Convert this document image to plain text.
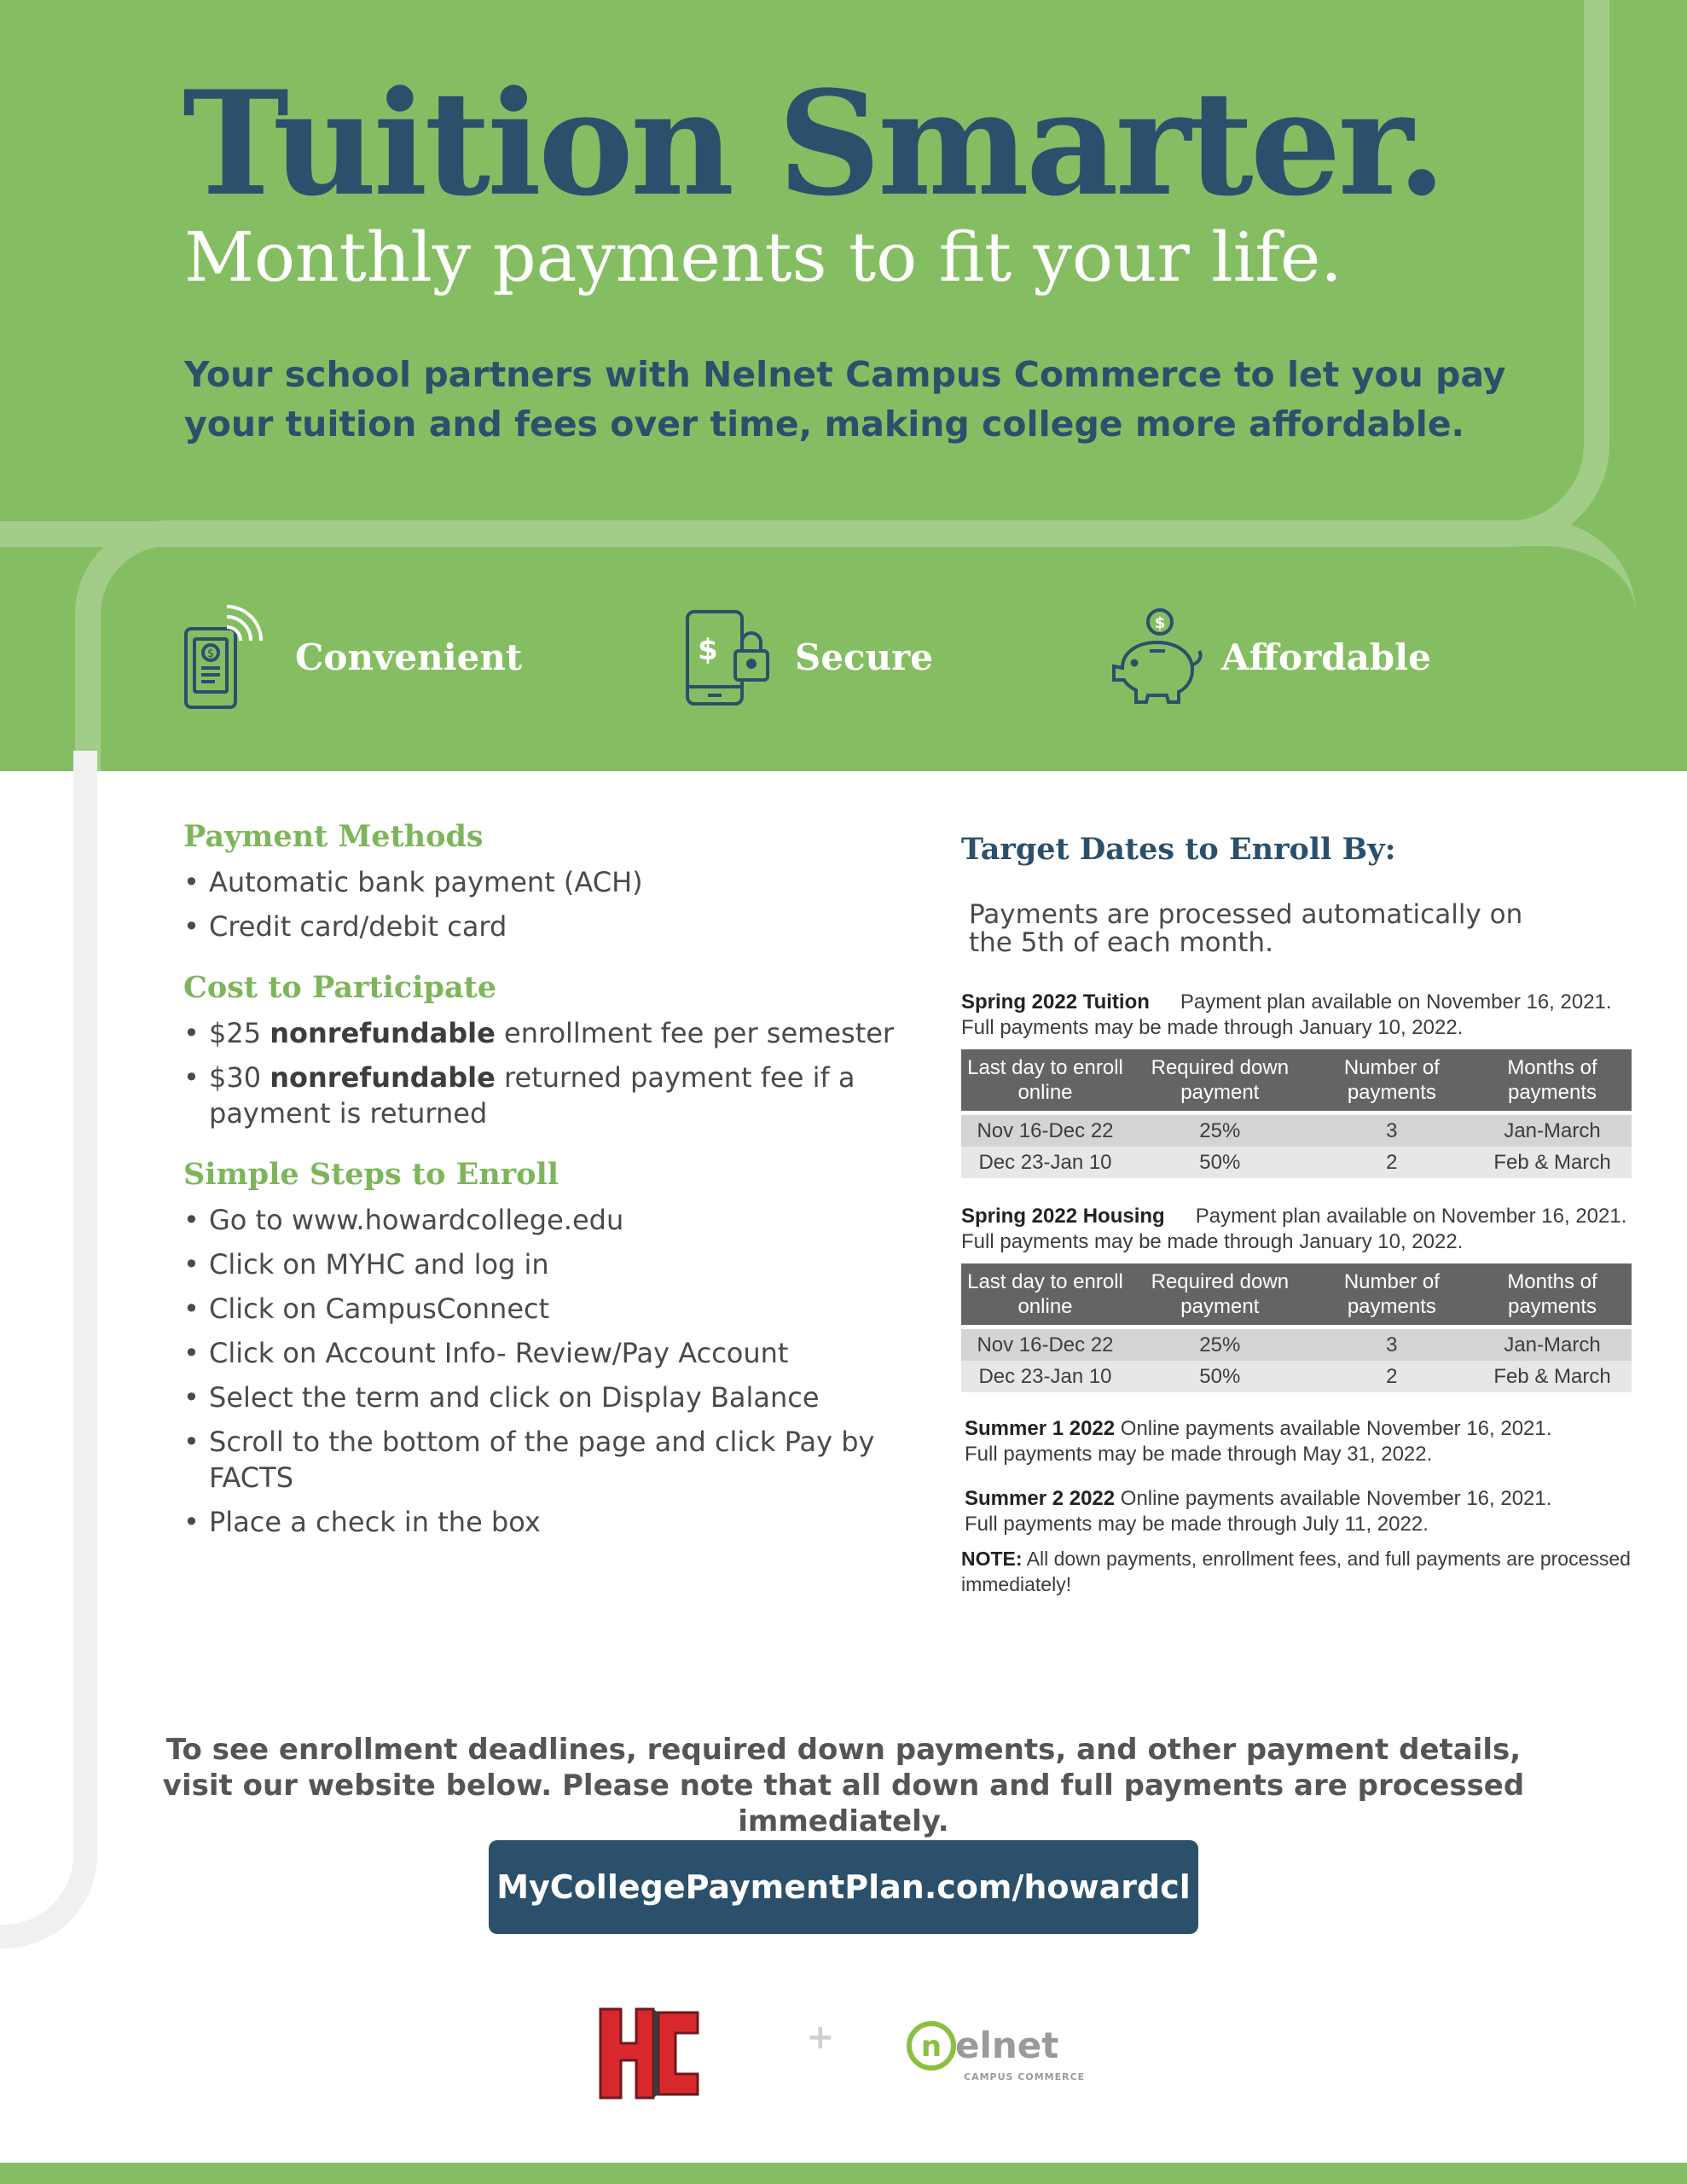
Tuition Smarter.

Monthly payments to fit your life.

Your school partners with Nelnet Campus Commerce to let you pay your tuition and fees over time, making college more affordable.

$ Convenient	$ Secure
$
Affordable
Payment Methods
• Automatic bank payment (ACH)
• Credit card/debit card
Cost to Participate
• $25 nonrefundable enrollment fee per semester
• $30 nonrefundable returned payment fee if a payment is returned
Simple Steps to Enroll
• Go to www.howardcollege.edu
• Click on MYHC and log in
• Click on CampusConnect
• Click on Account Info- Review/Pay Account
• Select the term and click on Display Balance
• Scroll to the bottom of the page and click Pay by FACTS
• Place a check in the box
Target Dates to Enroll By:

Payments are processed automatically on the 5th of each month.

Spring 2022 Tuition Payment plan available on November 16, 2021.
Full payments may be made through January 10, 2022.
Last day to enroll online	Required down payment	Number of payments	Months of payments
Nov 16-Dec 22	25%	3	Jan-March
Dec 23-Jan 10	50%	2	Feb & March
Spring 2022 Housing Payment plan available on November 16, 2021.
Full payments may be made through January 10, 2022.
Last day to enroll online	Required down payment	Number of payments	Months of payments
Nov 16-Dec 22	25%	3	Jan-March
Dec 23-Jan 10	50%	2	Feb & March
Summer 1 2022 Online payments available November 16, 2021.
Full payments may be made through May 31, 2022.
Summer 2 2022 Online payments available November 16, 2021.
Full payments may be made through July 11, 2022.
NOTE: All down payments, enrollment fees, and full payments are processed immediately!

To see enrollment deadlines, required down payments, and other payment details, visit our website below. Please note that all down and full payments are processed immediately.

MyCollegePaymentPlan.com/howardcl
+	n elnet
CAMPUS COMMERCE
